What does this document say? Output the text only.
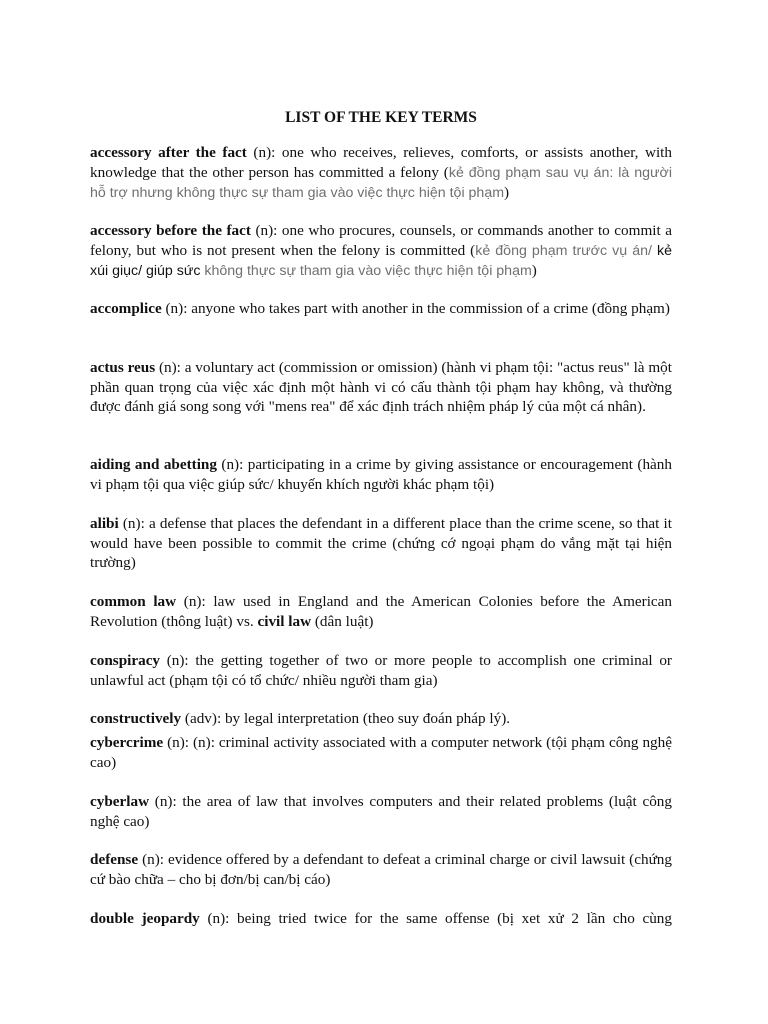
LIST OF THE KEY TERMS

accessory after the fact (n): one who receives, relieves, comforts, or assists another, with knowledge that the other person has committed a felony (kẻ đồng phạm sau vụ án: là người hỗ trợ nhưng không thực sự tham gia vào việc thực hiện tội phạm)

accessory before the fact (n): one who procures, counsels, or commands another to commit a felony, but who is not present when the felony is committed (kẻ đồng phạm trước vụ án/ kẻ xúi giục/ giúp sức không thực sự tham gia vào việc thực hiện tội phạm)

accomplice (n): anyone who takes part with another in the commission of a crime (đồng phạm)

actus reus (n): a voluntary act (commission or omission) (hành vi phạm tội: "actus reus" là một phần quan trọng của việc xác định một hành vi có cấu thành tội phạm hay không, và thường được đánh giá song song với "mens rea" để xác định trách nhiệm pháp lý của một cá nhân).

aiding and abetting (n): participating in a crime by giving assistance or encouragement (hành vi phạm tội qua việc giúp sức/ khuyến khích người khác phạm tội)

alibi (n): a defense that places the defendant in a different place than the crime scene, so that it would have been possible to commit the crime (chứng cớ ngoại phạm do vắng mặt tại hiện trường)

common law (n): law used in England and the American Colonies before the American Revolution (thông luật) vs. civil law (dân luật)

conspiracy (n): the getting together of two or more people to accomplish one criminal or unlawful act (phạm tội có tổ chức/ nhiều người tham gia)

constructively (adv): by legal interpretation (theo suy đoán pháp lý).

cybercrime (n): (n): criminal activity associated with a computer network (tội phạm công nghệ cao)

cyberlaw (n): the area of law that involves computers and their related problems (luật công nghệ cao)

defense (n): evidence offered by a defendant to defeat a criminal charge or civil lawsuit (chứng cứ bào chữa – cho bị đơn/bị can/bị cáo)

double jeopardy (n): being tried twice for the same offense (bị xet xử 2 lần cho cùng
